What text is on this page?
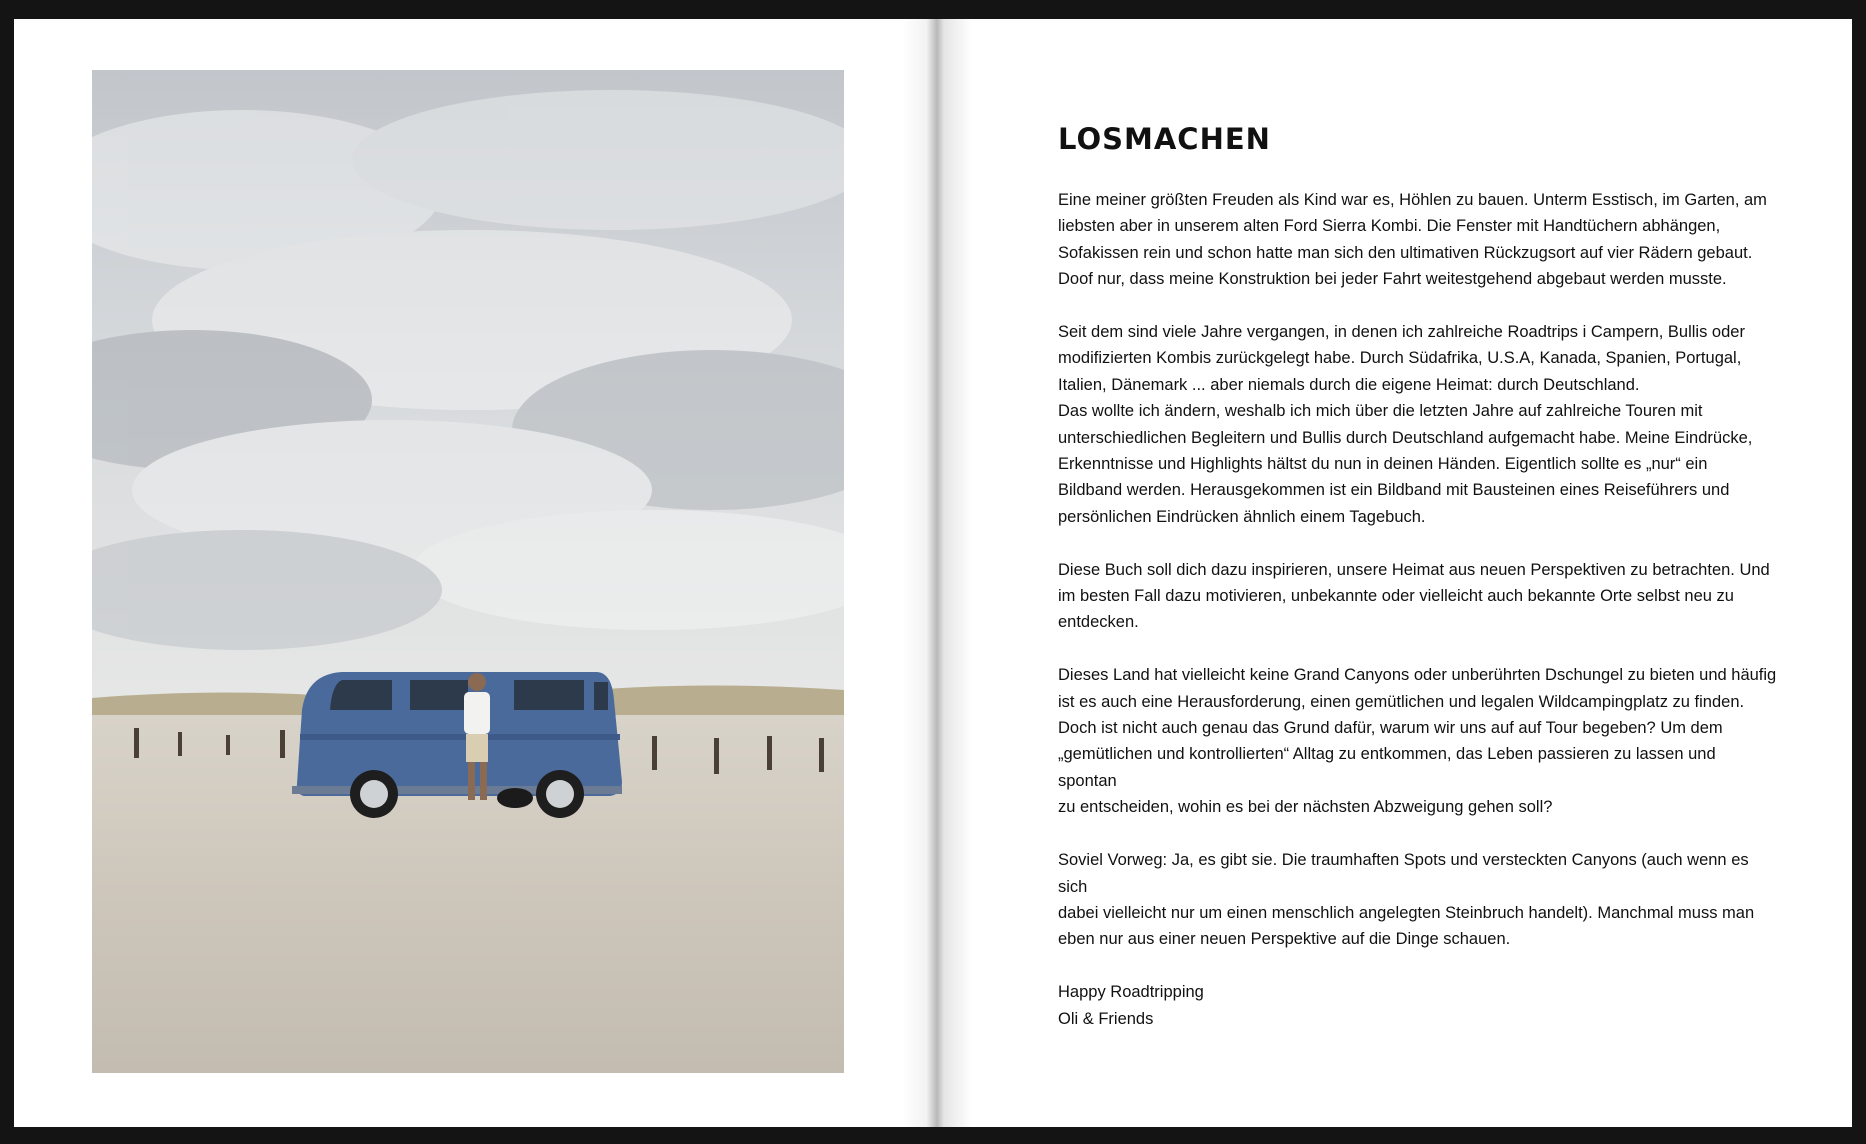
LOSMACHEN

Eine meiner größten Freuden als Kind war es, Höhlen zu bauen. Unterm Esstisch, im Garten, am
liebsten aber in unserem alten Ford Sierra Kombi. Die Fenster mit Handtüchern abhängen,
Sofakissen rein und schon hatte man sich den ultimativen Rückzugsort auf vier Rädern gebaut.
Doof nur, dass meine Konstruktion bei jeder Fahrt weitestgehend abgebaut werden musste.

Seit dem sind viele Jahre vergangen, in denen ich zahlreiche Roadtrips i Campern, Bullis oder
modifizierten Kombis zurückgelegt habe. Durch Südafrika, U.S.A, Kanada, Spanien, Portugal,
Italien, Dänemark ... aber niemals durch die eigene Heimat: durch Deutschland.
Das wollte ich ändern, weshalb ich mich über die letzten Jahre auf zahlreiche Touren mit
unterschiedlichen Begleitern und Bullis durch Deutschland aufgemacht habe. Meine Eindrücke,
Erkenntnisse und Highlights hältst du nun in deinen Händen. Eigentlich sollte es „nur“ ein
Bildband werden. Herausgekommen ist ein Bildband mit Bausteinen eines Reiseführers und
persönlichen Eindrücken ähnlich einem Tagebuch.

Diese Buch soll dich dazu inspirieren, unsere Heimat aus neuen Perspektiven zu betrachten. Und
im besten Fall dazu motivieren, unbekannte oder vielleicht auch bekannte Orte selbst neu zu
entdecken.

Dieses Land hat vielleicht keine Grand Canyons oder unberührten Dschungel zu bieten und häufig
ist es auch eine Herausforderung, einen gemütlichen und legalen Wildcampingplatz zu finden.
Doch ist nicht auch genau das Grund dafür, warum wir uns auf auf Tour begeben? Um dem
„gemütlichen und kontrollierten“ Alltag zu entkommen, das Leben passieren zu lassen und spontan
zu entscheiden, wohin es bei der nächsten Abzweigung gehen soll?

Soviel Vorweg: Ja, es gibt sie. Die traumhaften Spots und versteckten Canyons (auch wenn es sich
dabei vielleicht nur um einen menschlich angelegten Steinbruch handelt). Manchmal muss man
eben nur aus einer neuen Perspektive auf die Dinge schauen.

Happy Roadtripping

Oli & Friends
